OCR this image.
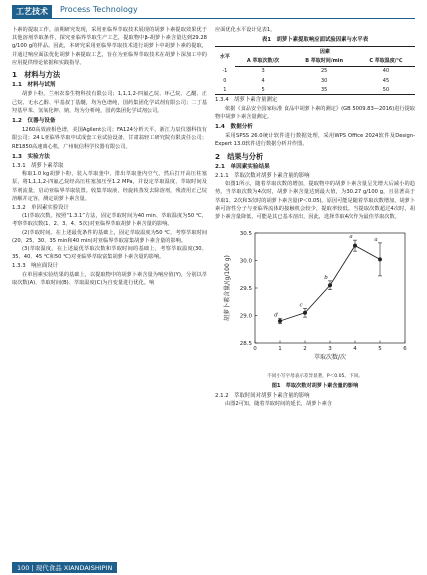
工艺技术	Process Technology

卜素的提取工作。前期研究发现，采用亚临界萃取技术展现的胡萝卜素提取效果优于其他溶剂萃取条件，探究亚临界萃取生产工艺，提取物中β-胡萝卜素含量达到29.28 g/100 g的样品。因此，本研究采用亚临界萃取技术进行胡萝卜中胡萝卜素的提取，并通过响应面法优化胡萝卜素提取工艺，旨在为亚临界萃取技术在胡萝卜深加工中的应用提供理论依据和实践指导。

1　材料与方法
1.1　材料与试剂

胡萝卜粉，兰州农泰生物科技有限公司；1,1,1,2-四氟乙烷、环己烷、乙醚、正己烷、无水乙醇、甲基叔丁基醚，均为色谱纯，国药集团化学试剂有限公司；二丁基羟基甲苯、氢氧化钾、钠，均为分析纯，国药集团化学试剂公司。

1.2　仪器与设备

1260高效液相色谱，美国Agilent公司；FA124分析天平，浙江力辰仪器科技有限公司；24 L亚临界萃取中试成套工业试验设备，甘肃翁轻工研究院有限责任公司；RE1850高速离心机，广州航信科学仪器有限公司。

1.3　实验方法
1.3.1　胡萝卜素萃取

称取1.0 kg胡萝卜粉，装入萃取釜中，排出萃取釜内空气，然后打开高压柱塞泵，将1,1,1,2-四氟乙烷经高压柱塞加压至1.2 MPa，并设定萃取温度、萃取时间及萃剂流量，启动亚临界萃取装置。收集萃取液，经旋转蒸发去除溶剂，残渣用正己烷溶解并定容，测定胡萝卜素含量。

1.3.2　单因素实验设计

(1)萃取次数。按照“1.3.1”方法，固定萃取时间为40 min、萃取温度为50 ℃，考察萃取次数(1、2、3、4、5次)对亚临界萃取胡萝卜素含量的影响。

(2)萃取时间。在上述最优条件的基础上，固定萃取温度为50 ℃，考察萃取时间(20、25、30、35 min和40 min)对亚临界萃取富集胡萝卜素含量的影响。

(3)萃取温度。在上述最优萃取次数和萃取时间的基础上，考察萃取温度(30、35、40、45 ℃和50 ℃)对亚临界萃取富集胡萝卜素含量的影响。

1.3.3　响应面设计

在单因素实验结果的基础上，以提取物中的胡萝卜素含量为响应值(Y)，分别以萃取次数(A)、萃取时间(B)、萃取温度(C)为自变量进行优化。响

应面优化水平设计见表1。

表1　胡萝卜素提取响应面试验因素与水平表
水平	因素		
	A 萃取次数/次	B 萃取时间/min	C 萃取温度/℃
-1	3	25	40
0	4	30	45
1	5	35	50
1.3.4　胡萝卜素含量测定

依据《食品安全国家标准 食品中胡萝卜素的测定》(GB 5009.83—2016)进行提取物中胡萝卜素含量测定。

1.4　数据分析

采用SPSS 26.0统计软件进行数据处理，采用WPS Office 2024软件及Design-Expert 13.0软件进行数据分析并作图。

2　结果与分析
2.1　单因素实验结果
2.1.1　萃取次数对胡萝卜素含量的影响

如图1所示，随着萃取次数的增加，提取物中的胡萝卜素含量呈先增大后减小的趋势。当萃取次数为4次时，胡萝卜素含量达到最大值，为30.27 g/100 g，且显著高于萃取1、2次和3次时的胡萝卜素含量(P＜0.05)。原因可能是随着萃取次数增加，胡萝卜素可溶性分子与亚临界流体的接触机会较少，提取率较低。当提取次数超过4次时，胡萝卜素含量降低，可能是其已基本溶出，因此，选择萃取4次作为最佳萃取次数。

0	1	2	3	4	5	6
28.5
29.0
29.5
30.0
30.5
萃取次数/次
胡萝卜素含量/(g/100 g)	d
c
b
a	a
不同小写字母表示差异显著，P＜0.05。下同。
图1　萃取次数对胡萝卜素含量的影响
2.1.2　萃取时间对胡萝卜素含量的影响

由图2可知，随着萃取时间的延长，胡萝卜素含

100 | 现代食品 XIANDAISHIPIN
